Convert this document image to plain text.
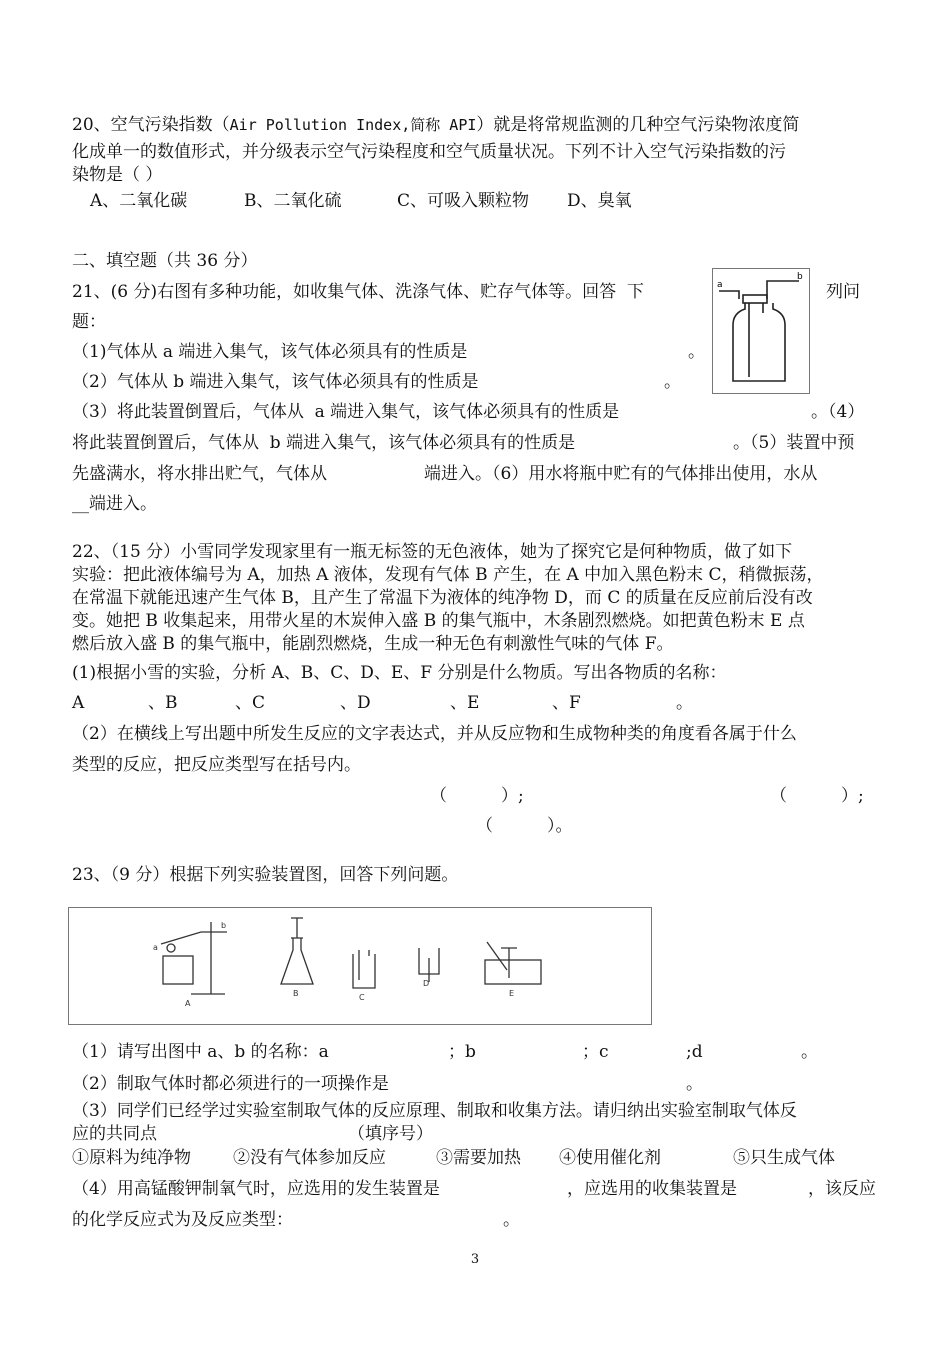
20、空气污染指数（Air Pollution Index,简称 API）就是将常规监测的几种空气污染物浓度简
化成单一的数值形式，并分级表示空气污染程度和空气质量状况。下列不计入空气污染指数的污
染物是（ ）
A、二氧化碳	B、二氧化硫	C、可吸入颗粒物 D、臭氧
二、填空题（共 36 分）
21、(6 分)右图有多种功能，如收集气体、洗涤气体、贮存气体等。回答  下	列问
题：
a
b
（1)气体从 a 端进入集气，该气体必须具有的性质是	。
（2）气体从 b 端进入集气，该气体必须具有的性质是	。
（3）将此装置倒置后，气体从  a 端进入集气，该气体必须具有的性质是	。（4）
将此装置倒置后，气体从  b 端进入集气，该气体必须具有的性质是	。（5）装置中预
先盛满水，将水排出贮气，气体从	端进入。（6）用水将瓶中贮有的气体排出使用，水从
__端进入。
22、（15 分）小雪同学发现家里有一瓶无标签的无色液体，她为了探究它是何种物质，做了如下
实验：把此液体编号为 A，加热 A 液体，发现有气体 B 产生，在 A 中加入黑色粉末 C，稍微振荡，
在常温下就能迅速产生气体 B，且产生了常温下为液体的纯净物 D，而 C 的质量在反应前后没有改
变。她把 B 收集起来，用带火星的木炭伸入盛 B 的集气瓶中，木条剧烈燃烧。如把黄色粉末 E 点
燃后放入盛 B 的集气瓶中，能剧烈燃烧，生成一种无色有刺激性气味的气体 F。
(1)根据小雪的实验，分析 A、B、C、D、E、F 分别是什么物质。写出各物质的名称：
A	、B	、C	、D	、E	、F	。
（2）在横线上写出题中所发生反应的文字表达式，并从反应物和生成物种类的角度看各属于什么
类型的反应，把反应类型写在括号内。
（          ）;	（          ）;
（          ）。
23、（9 分）根据下列实验装置图，回答下列问题。
a
b
A
B	C
D
E
（1）请写出图中 a、b 的名称：a	；b	；c	;d	。
（2）制取气体时都必须进行的一项操作是	。
（3）同学们已经学过实验室制取气体的反应原理、制取和收集方法。请归纳出实验室制取气体反
应的共同点	（填序号）
①原料为纯净物 ②没有气体参加反应	③需要加热 ④使用催化剂	⑤只生成气体
（4）用高锰酸钾制氧气时，应选用的发生装置是	，应选用的收集装置是	，该反应
的化学反应式为及反应类型：	。
3
